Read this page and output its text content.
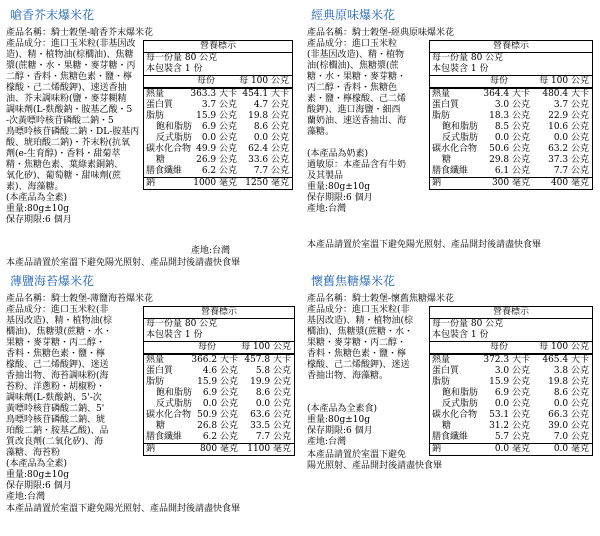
嗆香芥末爆米花
產品名稱：騎士穀堡-嗆香芥末爆米花
產品成分：進口玉米粒(非基因改
造)、精・植物油(棕櫚油)、焦糖
漿(蔗糖・水・果糖・麥芽糖・丙
二醇・香料・焦糖色素・鹽・檸
檬酸・己二烯酸鉀)、速送香抽
油、芥末調味粉(鹽・麥芽糊精
調味劑(L-麩酸鈉・胺基乙酸・5
-次黃嘌呤核苷磷酸二鈉・5
鳥嘌呤核苷磷酸二鈉・DL-胺基丙
酸、琥珀酸二鈉)・芥末粉(抗氧
劑(e-生育醇)・香料・甜菊萃
精・焦糖色素、葉綠素銅鈉、
氧化矽)、葡萄糖・甜味劑(蔗
素)、海藻糖。
(本產品為全素)
重量:80g±10g
保存期限:6 個月
營養標示
每一份量 80 公克
本包裝含 1 份
每份	每 100 公克
熱量	363.3 大卡 454.1 大卡
蛋白質	3.7 公克	4.7 公克
脂肪	15.9 公克	19.8 公克
飽和脂肪	6.9 公克	8.6 公克
反式脂肪	0.0 公克	0.0 公克
碳水化合物 49.9 公克	62.4 公克
糖	26.9 公克	33.6 公克
膳食纖維	6.2 公克	7.7 公克
鈉	1000 毫克 1250 毫克
產地:台灣
本產品請置於室溫下避免陽光照射、產品開封後請盡快食畢
經典原味爆米花
產品名稱：騎士穀堡-經典原味爆米花
產品成分：進口玉米粒
(非基因改造)、精・植物
油(棕櫚油)、焦糖漿(蔗
糖・水・果糖・麥芽糖・
丙二醇・香料・焦糖色
素・鹽・檸檬酸、己二烯
酸鉀)、進口海鹽・細西
蘭奶油、速送香抽出、海
藻糖。
(本產品為奶素)
過敏原：本產品含有牛奶
及其製品
重量:80g±10g
保存期限:6 個月
產地:台灣
營養標示
每一份量 80 公克
本包裝含 1 份
每份	每 100 公克
熱量	364.4 大卡	480.4 大卡
蛋白質	3.0 公克	3.7 公克
脂肪	18.3 公克	22.9 公克
飽和脂肪	8.5 公克	10.6 公克
反式脂肪	0.0 公克	0.0 公克
碳水化合物	50.6 公克	63.2 公克
糖	29.8 公克	37.3 公克
膳食纖維	6.1 公克	7.7 公克
鈉	300 毫克	400 毫克
本產品請置於室溫下避免陽光照射、產品開封後請盡快食畢
薄鹽海苔爆米花
產品名稱：騎士穀堡-薄鹽海苔爆米花
產品成分：進口玉米粒(非
基因改造)、精・植物油(棕
櫚油)、焦糖漿(蔗糖・水・
果糖・麥芽糖・丙二醇・
香料・焦糖色素・鹽・檸
檬酸、己二烯酸鉀)、迷送
香抽出物、海苔調味粉(海
苔粉、洋蔥粉・胡椒粉・
調味劑(L-麩酸鈉、5'-次
黃嘌呤核苷磷酸二鈉、5'
鳥嘌呤核苷磷酸二鈉、琥
珀酸二鈉・胺基乙酸)、品
質改良劑(二氧化矽)、海
藻糖、海苔粉
(本產品為全素)
重量:80g±10g
保存期限:6 個月
產地:台灣
營養標示
每一份量 80 公克
本包裝含 1 份
每份	每 100 公克
熱量	366.2 大卡 457.8 大卡
蛋白質	4.6 公克	5.8 公克
脂肪	15.9 公克	19.9 公克
飽和脂肪	6.9 公克	8.6 公克
反式脂肪	0.0 公克	0.0 公克
碳水化合物 50.9 公克	63.6 公克
糖	26.8 公克	33.5 公克
膳食纖維	6.2 公克	7.7 公克
鈉	800 毫克	1100 毫克
本產品請置於室溫下避免陽光照射、產品開封後請盡快食畢
懷舊焦糖爆米花
產品名稱：騎士穀堡-懷舊焦糖爆米花
產品成分：進口玉米粒(非
基因改造)、精・植物油(棕
櫚油)、焦糖漿(蔗糖・水・
果糖・麥芽糖・丙二醇・
香料・焦糖色素・鹽・檸
檬酸、己二烯酸鉀)、迷送
香抽出物、海藻糖。
(本產品為全素食)
重量:80g±10g
保存期限:6 個月
產地:台灣
營養標示
每一份量 80 公克
本包裝含 1 份
每份	每 100 公克
熱量	372.3 大卡	465.4 大卡
蛋白質	3.0 公克	3.8 公克
脂肪	15.9 公克	19.8 公克
飽和脂肪	6.9 公克	8.6 公克
反式脂肪	0.0 公克	0.0 公克
碳水化合物	53.1 公克	66.3 公克
糖	31.2 公克	39.0 公克
膳食纖維	5.7 公克	7.0 公克
鈉	0.0 毫克	0.0 毫克
本產品請置於室溫下避免
陽光照射、產品開封後請盡快食畢
